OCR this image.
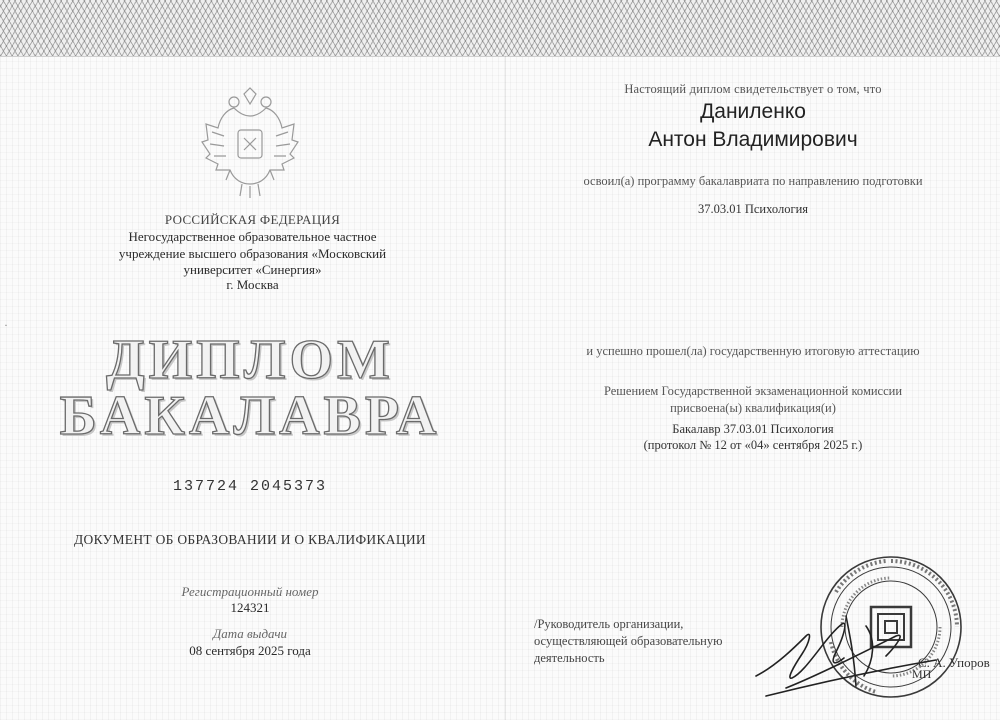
РОССИЙСКАЯ ФЕДЕРАЦИЯ
Негосударственное образовательное частное
учреждение высшего образования «Московский
университет «Синергия»
г. Москва
·
ДИПЛОМ
БАКАЛАВРА
137724 2045373
ДОКУМЕНТ ОБ ОБРАЗОВАНИИ И О КВАЛИФИКАЦИИ
Регистрационный номер
124321
Дата выдачи
08 сентября 2025 года
Настоящий диплом свидетельствует о том, что
Даниленко
Антон Владимирович
освоил(а) программу бакалавриата по направлению подготовки
37.03.01 Психология
и успешно прошел(ла) государственную итоговую аттестацию
Решением Государственной экзаменационной комиссии
присвоена(ы) квалификация(и)
Бакалавр 37.03.01 Психология
(протокол № 12 от «04» сентября 2025 г.)
/Руководитель организации,
осуществляющей образовательную
деятельность	С. А. Упоров
МП
